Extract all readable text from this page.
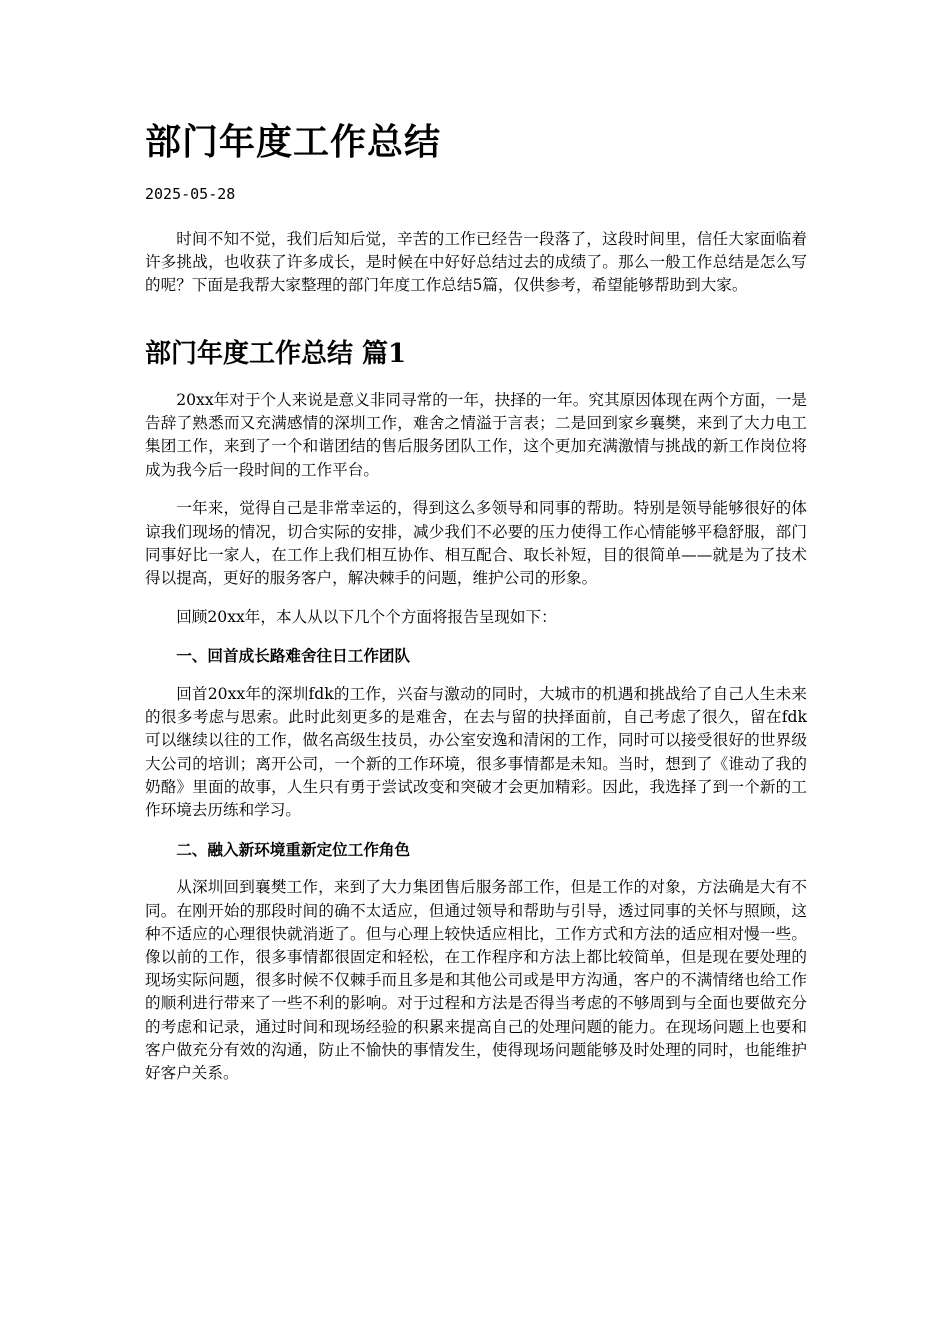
部门年度工作总结
2025-05-28

时间不知不觉，我们后知后觉，辛苦的工作已经告一段落了，这段时间里，信任大家面临着许多挑战，也收获了许多成长，是时候在中好好总结过去的成绩了。那么一般工作总结是怎么写的呢？下面是我帮大家整理的部门年度工作总结5篇，仅供参考，希望能够帮助到大家。

部门年度工作总结 篇1

20xx年对于个人来说是意义非同寻常的一年，抉择的一年。究其原因体现在两个方面，一是告辞了熟悉而又充满感情的深圳工作，难舍之情溢于言表；二是回到家乡襄樊，来到了大力电工集团工作，来到了一个和谐团结的售后服务团队工作，这个更加充满激情与挑战的新工作岗位将成为我今后一段时间的工作平台。

一年来，觉得自己是非常幸运的，得到这么多领导和同事的帮助。特别是领导能够很好的体谅我们现场的情况，切合实际的安排，减少我们不必要的压力使得工作心情能够平稳舒服，部门同事好比一家人，在工作上我们相互协作、相互配合、取长补短，目的很简单——就是为了技术得以提高，更好的服务客户，解决棘手的问题，维护公司的形象。

回顾20xx年，本人从以下几个个方面将报告呈现如下：

一、回首成长路难舍往日工作团队

回首20xx年的深圳fdk的工作，兴奋与激动的同时，大城市的机遇和挑战给了自己人生未来的很多考虑与思索。此时此刻更多的是难舍，在去与留的抉择面前，自己考虑了很久，留在fdk可以继续以往的工作，做名高级生技员，办公室安逸和清闲的工作，同时可以接受很好的世界级大公司的培训；离开公司，一个新的工作环境，很多事情都是未知。当时，想到了《谁动了我的奶酪》里面的故事，人生只有勇于尝试改变和突破才会更加精彩。因此，我选择了到一个新的工作环境去历练和学习。

二、融入新环境重新定位工作角色

从深圳回到襄樊工作，来到了大力集团售后服务部工作，但是工作的对象，方法确是大有不同。在刚开始的那段时间的确不太适应，但通过领导和帮助与引导，透过同事的关怀与照顾，这种不适应的心理很快就消逝了。但与心理上较快适应相比，工作方式和方法的适应相对慢一些。像以前的工作，很多事情都很固定和轻松，在工作程序和方法上都比较简单，但是现在要处理的现场实际问题，很多时候不仅棘手而且多是和其他公司或是甲方沟通，客户的不满情绪也给工作的顺利进行带来了一些不利的影响。对于过程和方法是否得当考虑的不够周到与全面也要做充分的考虑和记录，通过时间和现场经验的积累来提高自己的处理问题的能力。在现场问题上也要和客户做充分有效的沟通，防止不愉快的事情发生，使得现场问题能够及时处理的同时，也能维护好客户关系。
